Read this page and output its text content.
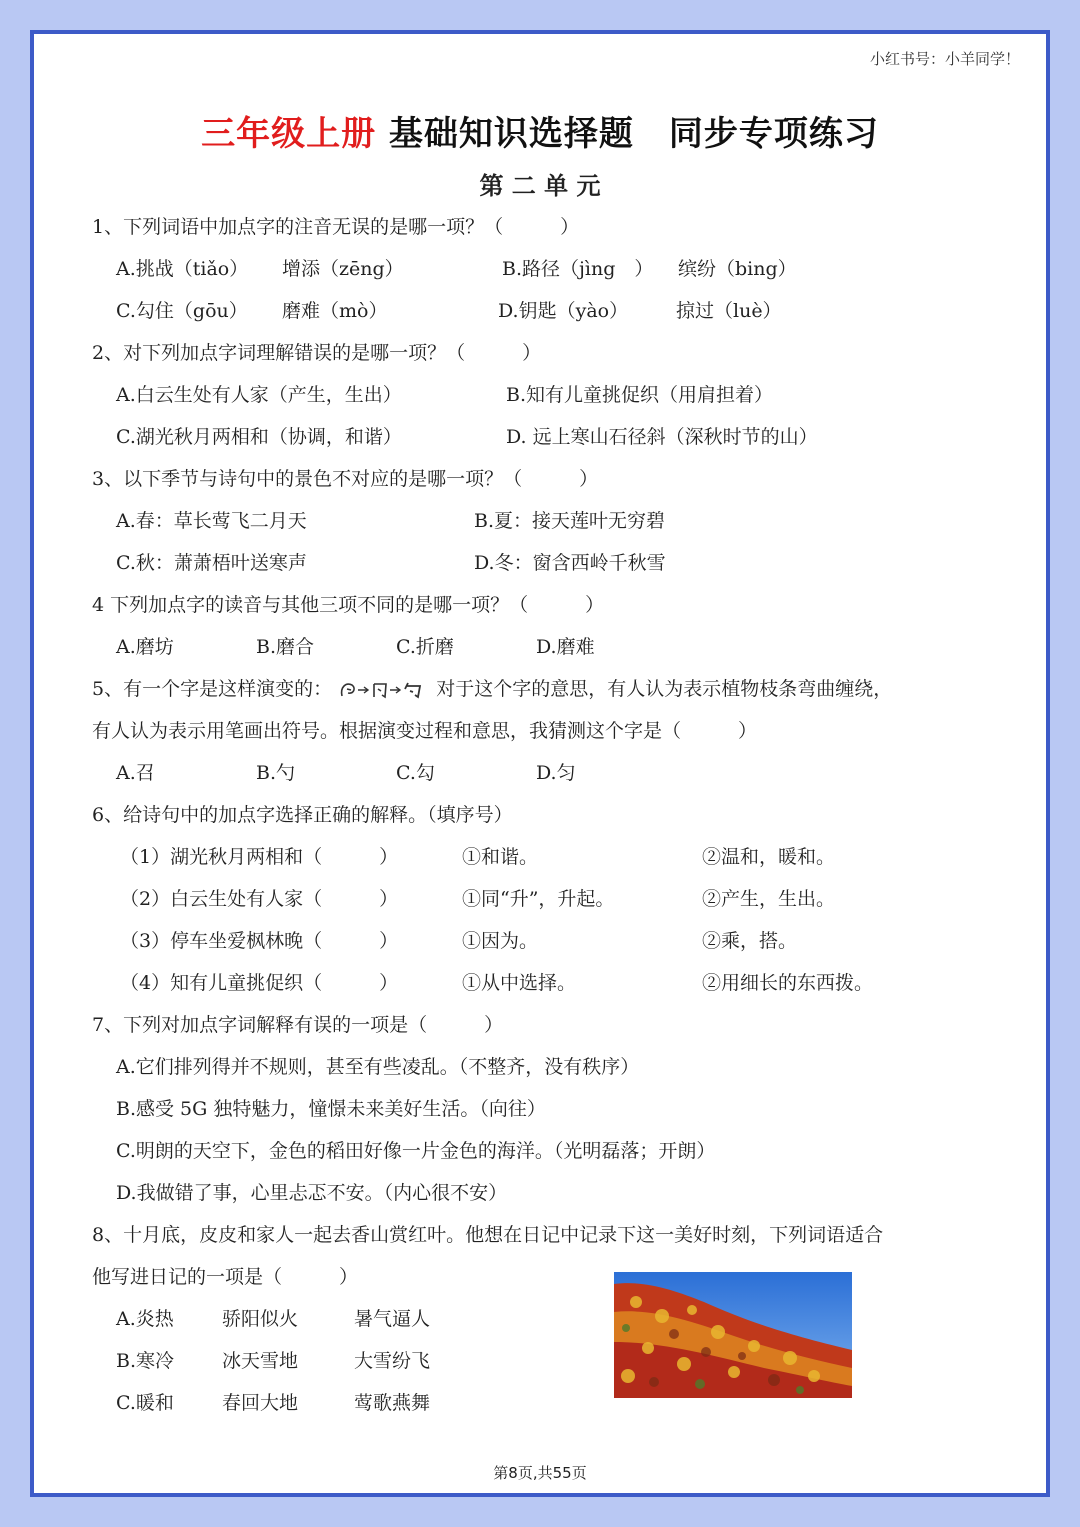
小红书号：小羊同学！
三年级上册 基础知识选择题　同步专项练习
第 二 单 元
1、下列词语中加点字的注音无误的是哪一项？（　　　）
A.挑战（tiǎo） 增添（zēng）	B.路径（jìng　） 缤纷（bing）
C.勾住（gōu） 磨难（mò）	D.钥匙（yào）	掠过（luè）
2、对下列加点字词理解错误的是哪一项？（　　　）
A.白云生处有人家（产生，生出）	B.知有儿童挑促织（用肩担着）
C.湖光秋月两相和（协调，和谐）	D. 远上寒山石径斜（深秋时节的山）
3、以下季节与诗句中的景色不对应的是哪一项？（　　　）
A.春：草长莺飞二月天	B.夏：接天莲叶无穷碧
C.秋：萧萧梧叶送寒声	D.冬：窗含西岭千秋雪
4 下列加点字的读音与其他三项不同的是哪一项？（　　　）
A.磨坊	B.磨合	C.折磨	D.磨难
5、有一个字是这样演变的：	对于这个字的意思，有人认为表示植物枝条弯曲缠绕，
有人认为表示用笔画出符号。根据演变过程和意思，我猜测这个字是（　　　）
A.召	B.勺	C.勾	D.匀
6、给诗句中的加点字选择正确的解释。（填序号）
（1）湖光秋月两相和（　　　）	①和谐。	②温和，暖和。
（2）白云生处有人家（　　　）	①同“升”，升起。	②产生，生出。
（3）停车坐爱枫林晚（　　　）	①因为。	②乘，搭。
（4）知有儿童挑促织（　　　）	①从中选择。	②用细长的东西拨。
7、下列对加点字词解释有误的一项是（　　　）
A.它们排列得并不规则，甚至有些凌乱。（不整齐，没有秩序）
B.感受 5G 独特魅力，憧憬未来美好生活。（向往）
C.明朗的天空下，金色的稻田好像一片金色的海洋。（光明磊落；开朗）
D.我做错了事，心里忐忑不安。（内心很不安）
8、十月底，皮皮和家人一起去香山赏红叶。他想在日记中记录下这一美好时刻，下列词语适合
他写进日记的一项是（　　　）
A.炎热	骄阳似火	暑气逼人
B.寒冷	冰天雪地	大雪纷飞
C.暖和	春回大地	莺歌燕舞
第8页,共55页
